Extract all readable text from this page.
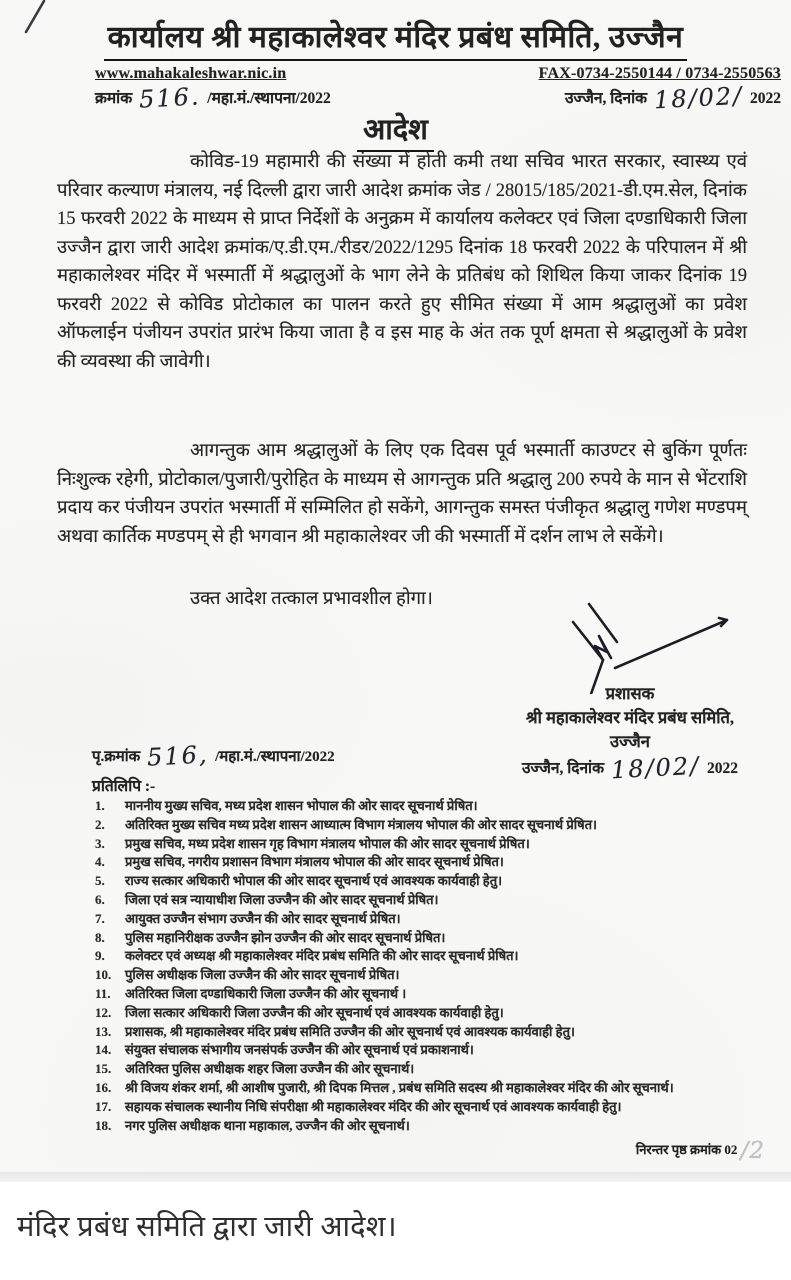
कार्यालय श्री महाकालेश्वर मंदिर प्रबंध समिति, उज्जैन
www.mahakaleshwar.nic.in
क्रमांक 516. /महा.मं./स्थापना/2022
FAX-0734-2550144 / 0734-2550563
उज्जैन, दिनांक 18/02/ 2022
आदेश

कोविड-19 महामारी की संख्या में होती कमी तथा सचिव भारत सरकार, स्वास्थ्य एवं परिवार कल्याण मंत्रालय, नई दिल्ली द्वारा जारी आदेश क्रमांक जेड / 28015/185/2021-डी.एम.सेल, दिनांक 15 फरवरी 2022 के माध्यम से प्राप्त निर्देशों के अनुक्रम में कार्यालय कलेक्टर एवं जिला दण्डाधिकारी जिला उज्जैन द्वारा जारी आदेश क्रमांक/ए.डी.एम./रीडर/2022/1295 दिनांक 18 फरवरी 2022 के परिपालन में श्री महाकालेश्वर मंदिर में भस्मार्ती में श्रद्धालुओं के भाग लेने के प्रतिबंध को शिथिल किया जाकर दिनांक 19 फरवरी 2022 से कोविड प्रोटोकाल का पालन करते हुए सीमित संख्या में आम श्रद्धालुओं का प्रवेश ऑफलाईन पंजीयन उपरांत प्रारंभ किया जाता है व इस माह के अंत तक पूर्ण क्षमता से श्रद्धालुओं के प्रवेश की व्यवस्था की जावेगी।

आगन्तुक आम श्रद्धालुओं के लिए एक दिवस पूर्व भस्मार्ती काउण्टर से बुकिंग पूर्णतः निःशुल्क रहेगी, प्रोटोकाल/पुजारी/पुरोहित के माध्यम से आगन्तुक प्रति श्रद्धालु 200 रुपये के मान से भेंटराशि प्रदाय कर पंजीयन उपरांत भस्मार्ती में सम्मिलित हो सकेंगे, आगन्तुक समस्त पंजीकृत श्रद्धालु गणेश मण्डपम् अथवा कार्तिक मण्डपम् से ही भगवान श्री महाकालेश्वर जी की भस्मार्ती में दर्शन लाभ ले सकेंगे।

उक्त आदेश तत्काल प्रभावशील होगा।

प्रशासक
श्री महाकालेश्वर मंदिर प्रबंध समिति,
उज्जैन
उज्जैन, दिनांक 18/02/ 2022
पृ.क्रमांक 516, /महा.मं./स्थापना/2022
प्रतिलिपि :-
माननीय मुख्य सचिव, मध्य प्रदेश शासन भोपाल की ओर सादर सूचनार्थ प्रेषित।
अतिरिक्त मुख्य सचिव मध्य प्रदेश शासन आध्यात्म विभाग मंत्रालय भोपाल की ओर सादर सूचनार्थ प्रेषित।
प्रमुख सचिव, मध्य प्रदेश शासन गृह विभाग मंत्रालय भोपाल की ओर सादर सूचनार्थ प्रेषित।
प्रमुख सचिव, नगरीय प्रशासन विभाग मंत्रालय भोपाल की ओर सादर सूचनार्थ प्रेषित।
राज्य सत्कार अधिकारी भोपाल की ओर सादर सूचनार्थ एवं आवश्यक कार्यवाही हेतु।
जिला एवं सत्र न्यायाधीश जिला उज्जैन की ओर सादर सूचनार्थ प्रेषित।
आयुक्त उज्जैन संभाग उज्जैन की ओर सादर सूचनार्थ प्रेषित।
पुलिस महानिरीक्षक उज्जैन झोन उज्जैन की ओर सादर सूचनार्थ प्रेषित।
कलेक्टर एवं अध्यक्ष श्री महाकालेश्वर मंदिर प्रबंध समिति की ओर सादर सूचनार्थ प्रेषित।
पुलिस अधीक्षक जिला उज्जैन की ओर सादर सूचनार्थ प्रेषित।
अतिरिक्त जिला दण्डाधिकारी जिला उज्जैन की ओर सूचनार्थ ।
जिला सत्कार अधिकारी जिला उज्जैन की ओर सूचनार्थ एवं आवश्यक कार्यवाही हेतु।
प्रशासक, श्री महाकालेश्वर मंदिर प्रबंध समिति उज्जैन की ओर सूचनार्थ एवं आवश्यक कार्यवाही हेतु।
संयुक्त संचालक संभागीय जनसंपर्क उज्जैन की ओर सूचनार्थ एवं प्रकाशनार्थ।
अतिरिक्त पुलिस अधीक्षक शहर जिला उज्जैन की ओर सूचनार्थ।
श्री विजय शंकर शर्मा, श्री आशीष पुजारी, श्री दिपक मित्तल , प्रबंध समिति सदस्य श्री महाकालेश्वर मंदिर की ओर सूचनार्थ।
सहायक संचालक स्थानीय निधि संपरीक्षा श्री महाकालेश्वर मंदिर की ओर सूचनार्थ एवं आवश्यक कार्यवाही हेतु।
नगर पुलिस अधीक्षक थाना महाकाल, उज्जैन की ओर सूचनार्थ।
निरन्तर पृष्ठ क्रमांक 02 /2
मंदिर प्रबंध समिति द्वारा जारी आदेश।
